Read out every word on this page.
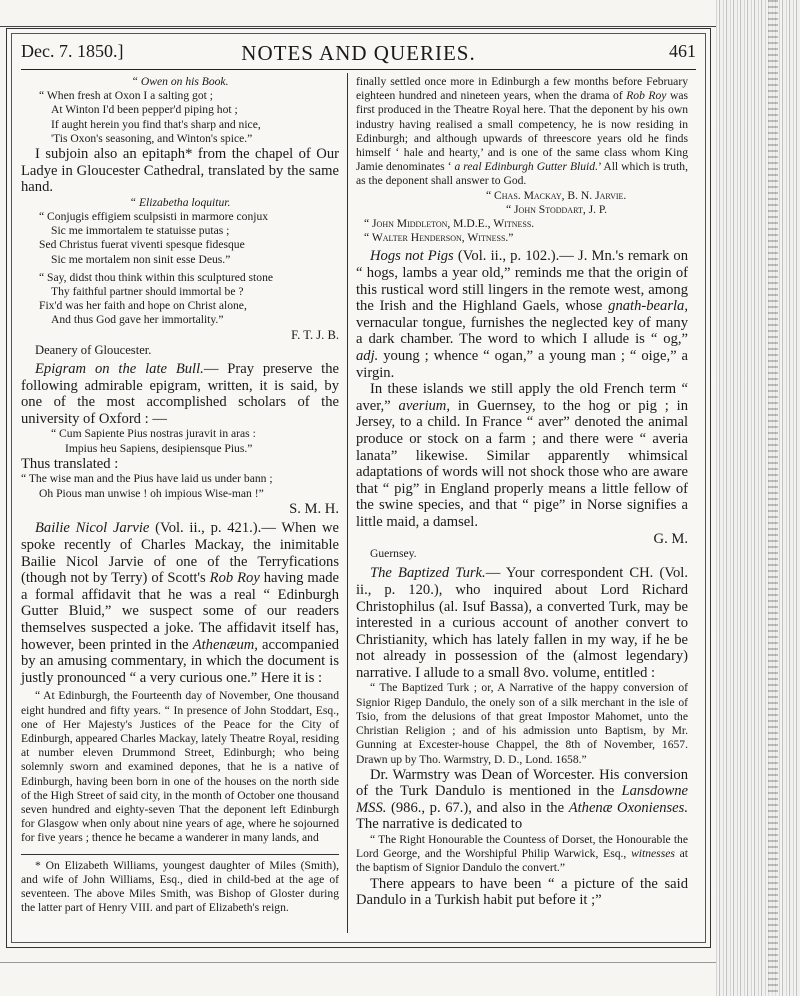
Dec. 7. 1850.]	NOTES AND QUERIES.	461

“ Owen on his Book.

“ When fresh at Oxon I a salting got ;

At Winton I'd been pepper'd piping hot ;

If aught herein you find that's sharp and nice,

'Tis Oxon's seasoning, and Winton's spice.”

I subjoin also an epitaph* from the chapel of Our Ladye in Gloucester Cathedral, translated by the same hand.

“ Elizabetha loquitur.

“ Conjugis effigiem sculpsisti in marmore conjux

Sic me immortalem te statuisse putas ;

Sed Christus fuerat viventi spesque fidesque

Sic me mortalem non sinit esse Deus.”

“ Say, didst thou think within this sculptured stone

Thy faithful partner should immortal be ?

Fix'd was her faith and hope on Christ alone,

And thus God gave her immortality.”

F. T. J. B.

Deanery of Gloucester.

Epigram on the late Bull.— Pray preserve the following admirable epigram, written, it is said, by one of the most accomplished scholars of the university of Oxford : —

“ Cum Sapiente Pius nostras juravit in aras :

Impius heu Sapiens, desipiensque Pius.”

Thus translated :

“ The wise man and the Pius have laid us under bann ;

Oh Pious man unwise ! oh impious Wise-man !”

S. M. H.

Bailie Nicol Jarvie (Vol. ii., p. 421.).— When we spoke recently of Charles Mackay, the inimitable Bailie Nicol Jarvie of one of the Terryfications (though not by Terry) of Scott's Rob Roy having made a formal affidavit that he was a real “ Edinburgh Gutter Bluid,” we suspect some of our readers themselves suspected a joke. The affidavit itself has, however, been printed in the Athenæum, accompanied by an amusing commentary, in which the document is justly pronounced “ a very curious one.” Here it is :

“ At Edinburgh, the Fourteenth day of November, One thousand eight hundred and fifty years. “ In presence of John Stoddart, Esq., one of Her Majesty's Justices of the Peace for the City of Edinburgh, appeared Charles Mackay, lately Theatre Royal, residing at number eleven Drummond Street, Edinburgh; who being solemnly sworn and examined depones, that he is a native of Edinburgh, having been born in one of the houses on the north side of the High Street of said city, in the month of October one thousand seven hundred and eighty-seven That the deponent left Edinburgh for Glasgow when only about nine years of age, where he sojourned for five years ; thence he became a wanderer in many lands, and

* On Elizabeth Williams, youngest daughter of Miles (Smith), and wife of John Williams, Esq., died in child-bed at the age of seventeen. The above Miles Smith, was Bishop of Gloster during the latter part of Henry VIII. and part of Elizabeth's reign.

finally settled once more in Edinburgh a few months before February eighteen hundred and nineteen years, when the drama of Rob Roy was first produced in the Theatre Royal here. That the deponent by his own industry having realised a small competency, he is now residing in Edinburgh; and although upwards of threescore years old he finds himself ‘ hale and hearty,’ and is one of the same class whom King Jamie denominates ‘ a real Edinburgh Gutter Bluid.’ All which is truth, as the deponent shall answer to God.

“ Chas. Mackay, B. N. Jarvie.

“ John Stoddart, J. P.

“ John Middleton, M.D.E., Witness.

“ Walter Henderson, Witness.”

Hogs not Pigs (Vol. ii., p. 102.).— J. Mn.'s remark on “ hogs, lambs a year old,” reminds me that the origin of this rustical word still lingers in the remote west, among the Irish and the Highland Gaels, whose gnath-bearla, vernacular tongue, furnishes the neglected key of many a dark chamber. The word to which I allude is “ og,” adj. young ; whence “ ogan,” a young man ; “ oige,” a virgin.

In these islands we still apply the old French term “ aver,” averium, in Guernsey, to the hog or pig ; in Jersey, to a child. In France “ aver” denoted the animal produce or stock on a farm ; and there were “ averia lanata” likewise. Similar apparently whimsical adaptations of words will not shock those who are aware that “ pig” in England properly means a little fellow of the swine species, and that “ pige” in Norse signifies a little maid, a damsel.

G. M.

Guernsey.

The Baptized Turk.— Your correspondent CH. (Vol. ii., p. 120.), who inquired about Lord Richard Christophilus (al. Isuf Bassa), a converted Turk, may be interested in a curious account of another convert to Christianity, which has lately fallen in my way, if he be not already in possession of the (almost legendary) narrative. I allude to a small 8vo. volume, entitled :

“ The Baptized Turk ; or, A Narrative of the happy conversion of Signior Rigep Dandulo, the onely son of a silk merchant in the isle of Tsio, from the delusions of that great Impostor Mahomet, unto the Christian Religion ; and of his admission unto Baptism, by Mr. Gunning at Excester-house Chappel, the 8th of November, 1657. Drawn up by Tho. Warmstry, D. D., Lond. 1658.”

Dr. Warmstry was Dean of Worcester. His conversion of the Turk Dandulo is mentioned in the Lansdowne MSS. (986., p. 67.), and also in the Athenæ Oxonienses. The narrative is dedicated to

“ The Right Honourable the Countess of Dorset, the Honourable the Lord George, and the Worshipful Philip Warwick, Esq., witnesses at the baptism of Signior Dandulo the convert.”

There appears to have been “ a picture of the said Dandulo in a Turkish habit put before it ;”
